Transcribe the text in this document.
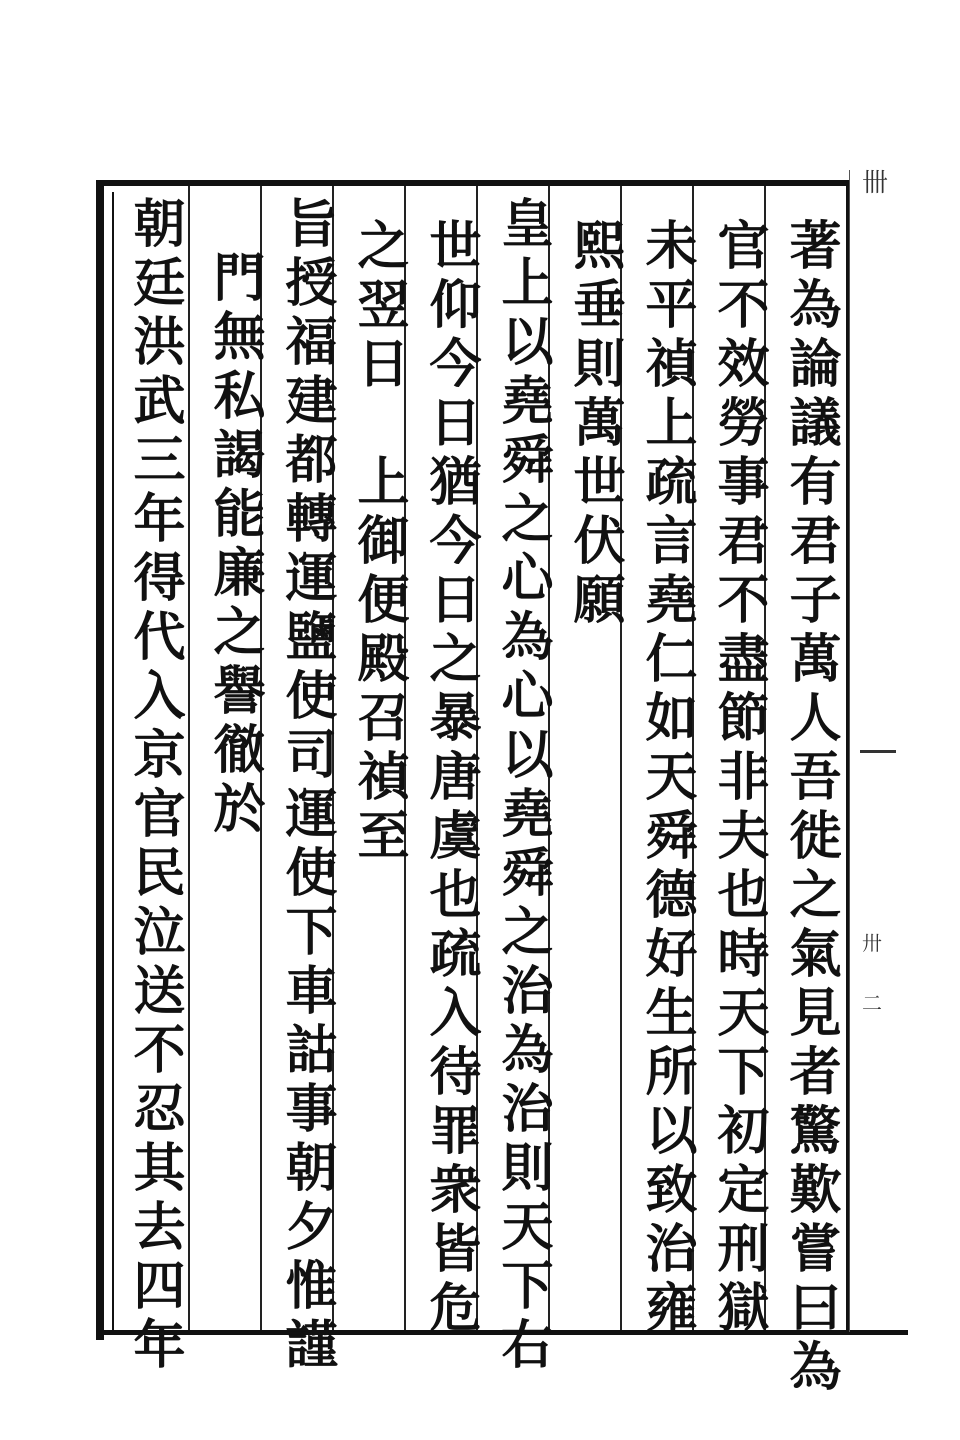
卌
卅
二
著為論議有君子萬人吾徙之氣見者驚歎嘗曰為
官不效勞事君不盡節非夫也時天下初定刑獄
未平禎上疏言堯仁如天舜德好生所以致治雍
熙垂則萬世伏願
皇上以堯舜之心為心以堯舜之治為治則天下右
世仰今日猶今日之暴唐虞也疏入待罪衆皆危
之翌日　上御便殿召禎至
旨授福建都轉運鹽使司運使下車詁事朝夕惟謹
門無私謁能廉之譽徹於
朝廷洪武三年得代入京官民泣送不忍其去四年
